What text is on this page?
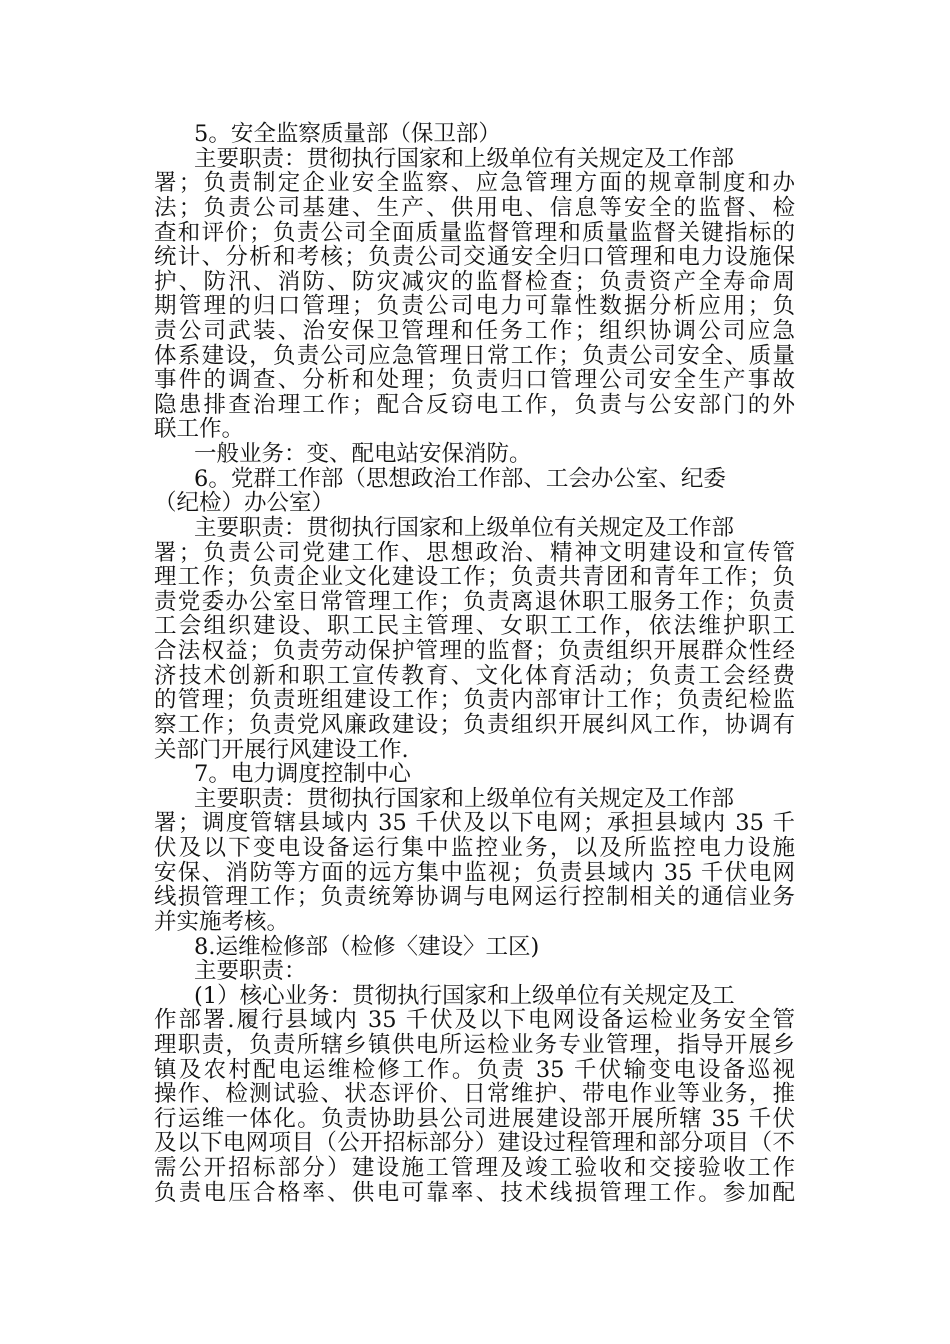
5。安全监察质量部（保卫部）
主要职责：贯彻执行国家和上级单位有关规定及工作部
署；负责制定企业安全监察、应急管理方面的规章制度和办
法；负责公司基建、生产、供用电、信息等安全的监督、检
查和评价；负责公司全面质量监督管理和质量监督关键指标的
统计、分析和考核；负责公司交通安全归口管理和电力设施保
护、防汛、消防、防灾减灾的监督检查；负责资产全寿命周
期管理的归口管理；负责公司电力可靠性数据分析应用；负
责公司武装、治安保卫管理和任务工作；组织协调公司应急
体系建设，负责公司应急管理日常工作；负责公司安全、质量
事件的调查、分析和处理；负责归口管理公司安全生产事故
隐患排查治理工作；配合反窃电工作，负责与公安部门的外
联工作。
一般业务：变、配电站安保消防。
6。党群工作部（思想政治工作部、工会办公室、纪委
（纪检）办公室）
主要职责：贯彻执行国家和上级单位有关规定及工作部
署；负责公司党建工作、思想政治、精神文明建设和宣传管
理工作；负责企业文化建设工作；负责共青团和青年工作；负
责党委办公室日常管理工作；负责离退休职工服务工作；负责
工会组织建设、职工民主管理、女职工工作，依法维护职工
合法权益；负责劳动保护管理的监督；负责组织开展群众性经
济技术创新和职工宣传教育、文化体育活动；负责工会经费
的管理；负责班组建设工作；负责内部审计工作；负责纪检监
察工作；负责党风廉政建设；负责组织开展纠风工作，协调有
关部门开展行风建设工作.
7。电力调度控制中心
主要职责：贯彻执行国家和上级单位有关规定及工作部
署；调度管辖县域内 35 千伏及以下电网；承担县域内 35 千
伏及以下变电设备运行集中监控业务，以及所监控电力设施
安保、消防等方面的远方集中监视；负责县域内 35 千伏电网
线损管理工作；负责统筹协调与电网运行控制相关的通信业务
并实施考核。
8.运维检修部（检修〈建设〉工区)
主要职责：
(1）核心业务：贯彻执行国家和上级单位有关规定及工
作部署.履行县域内 35 千伏及以下电网设备运检业务安全管
理职责，负责所辖乡镇供电所运检业务专业管理，指导开展乡
镇及农村配电运维检修工作。负责 35 千伏输变电设备巡视
操作、检测试验、状态评价、日常维护、带电作业等业务，推
行运维一体化。负责协助县公司进展建设部开展所辖 35 千伏
及以下电网项目（公开招标部分）建设过程管理和部分项目（不
需公开招标部分）建设施工管理及竣工验收和交接验收工作
负责电压合格率、供电可靠率、技术线损管理工作。参加配
